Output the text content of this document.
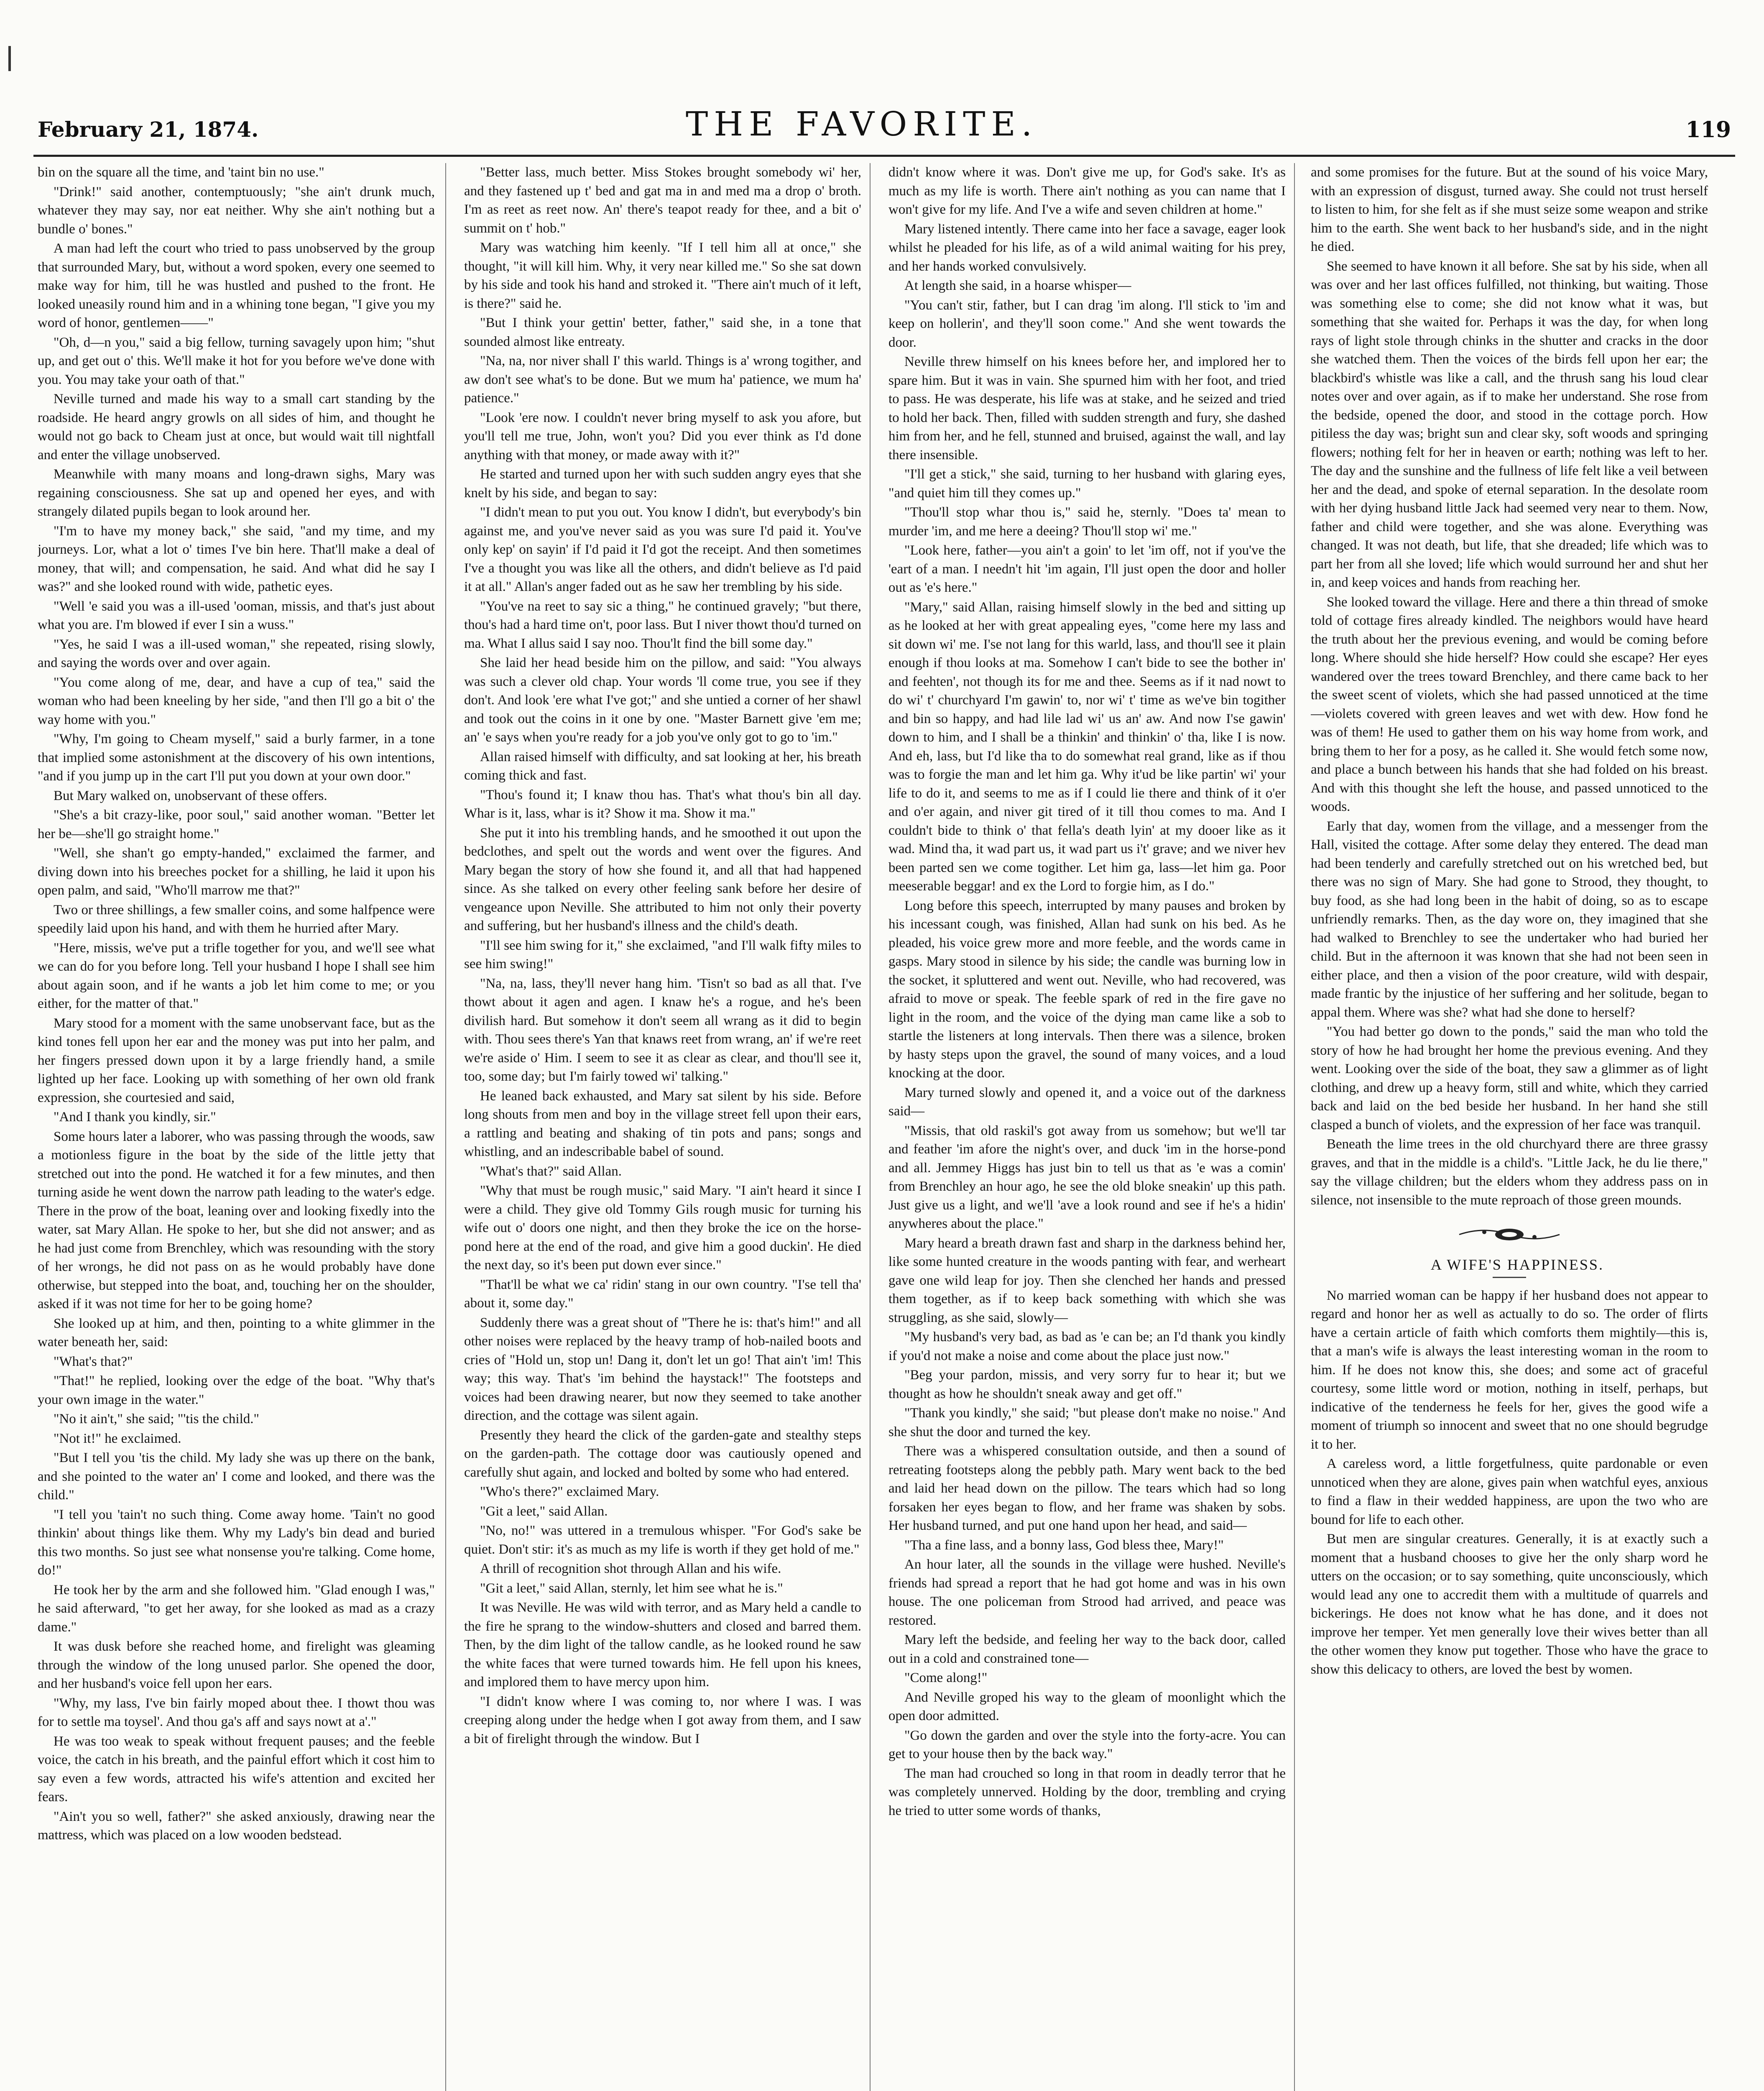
February 21, 1874.	THE FAVORITE.	119

bin on the square all the time, and 'taint bin no use."

"Drink!" said another, contemptuously; "she ain't drunk much, whatever they may say, nor eat neither. Why she ain't nothing but a bundle o' bones."

A man had left the court who tried to pass unobserved by the group that surrounded Mary, but, without a word spoken, every one seemed to make way for him, till he was hustled and pushed to the front. He looked uneasily round him and in a whining tone began, "I give you my word of honor, gentlemen——"

"Oh, d—n you," said a big fellow, turning savagely upon him; "shut up, and get out o' this. We'll make it hot for you before we've done with you. You may take your oath of that."

Neville turned and made his way to a small cart standing by the roadside. He heard angry growls on all sides of him, and thought he would not go back to Cheam just at once, but would wait till nightfall and enter the village unobserved.

Meanwhile with many moans and long-drawn sighs, Mary was regaining consciousness. She sat up and opened her eyes, and with strangely dilated pupils began to look around her.

"I'm to have my money back," she said, "and my time, and my journeys. Lor, what a lot o' times I've bin here. That'll make a deal of money, that will; and compensation, he said. And what did he say I was?" and she looked round with wide, pathetic eyes.

"Well 'e said you was a ill-used 'ooman, missis, and that's just about what you are. I'm blowed if ever I sin a wuss."

"Yes, he said I was a ill-used woman," she repeated, rising slowly, and saying the words over and over again.

"You come along of me, dear, and have a cup of tea," said the woman who had been kneeling by her side, "and then I'll go a bit o' the way home with you."

"Why, I'm going to Cheam myself," said a burly farmer, in a tone that implied some astonishment at the discovery of his own intentions, "and if you jump up in the cart I'll put you down at your own door."

But Mary walked on, unobservant of these offers.

"She's a bit crazy-like, poor soul," said another woman. "Better let her be—she'll go straight home."

"Well, she shan't go empty-handed," exclaimed the farmer, and diving down into his breeches pocket for a shilling, he laid it upon his open palm, and said, "Who'll marrow me that?"

Two or three shillings, a few smaller coins, and some halfpence were speedily laid upon his hand, and with them he hurried after Mary.

"Here, missis, we've put a trifle together for you, and we'll see what we can do for you before long. Tell your husband I hope I shall see him about again soon, and if he wants a job let him come to me; or you either, for the matter of that."

Mary stood for a moment with the same unobservant face, but as the kind tones fell upon her ear and the money was put into her palm, and her fingers pressed down upon it by a large friendly hand, a smile lighted up her face. Looking up with something of her own old frank expression, she courtesied and said,

"And I thank you kindly, sir."

Some hours later a laborer, who was passing through the woods, saw a motionless figure in the boat by the side of the little jetty that stretched out into the pond. He watched it for a few minutes, and then turning aside he went down the narrow path leading to the water's edge. There in the prow of the boat, leaning over and looking fixedly into the water, sat Mary Allan. He spoke to her, but she did not answer; and as he had just come from Brenchley, which was resounding with the story of her wrongs, he did not pass on as he would probably have done otherwise, but stepped into the boat, and, touching her on the shoulder, asked if it was not time for her to be going home?

She looked up at him, and then, pointing to a white glimmer in the water beneath her, said:

"What's that?"

"That!" he replied, looking over the edge of the boat. "Why that's your own image in the water."

"No it ain't," she said; "'tis the child."

"Not it!" he exclaimed.

"But I tell you 'tis the child. My lady she was up there on the bank, and she pointed to the water an' I come and looked, and there was the child."

"I tell you 'tain't no such thing. Come away home. 'Tain't no good thinkin' about things like them. Why my Lady's bin dead and buried this two months. So just see what nonsense you're talking. Come home, do!"

He took her by the arm and she followed him. "Glad enough I was," he said afterward, "to get her away, for she looked as mad as a crazy dame."

It was dusk before she reached home, and firelight was gleaming through the window of the long unused parlor. She opened the door, and her husband's voice fell upon her ears.

"Why, my lass, I've bin fairly moped about thee. I thowt thou was for to settle ma toysel'. And thou ga's aff and says nowt at a'."

He was too weak to speak without frequent pauses; and the feeble voice, the catch in his breath, and the painful effort which it cost him to say even a few words, attracted his wife's attention and excited her fears.

"Ain't you so well, father?" she asked anxiously, drawing near the mattress, which was placed on a low wooden bedstead.

"Better lass, much better. Miss Stokes brought somebody wi' her, and they fastened up t' bed and gat ma in and med ma a drop o' broth. I'm as reet as reet now. An' there's teapot ready for thee, and a bit o' summit on t' hob."

Mary was watching him keenly. "If I tell him all at once," she thought, "it will kill him. Why, it very near killed me." So she sat down by his side and took his hand and stroked it. "There ain't much of it left, is there?" said he.

"But I think your gettin' better, father," said she, in a tone that sounded almost like entreaty.

"Na, na, nor niver shall I' this warld. Things is a' wrong togither, and aw don't see what's to be done. But we mum ha' patience, we mum ha' patience."

"Look 'ere now. I couldn't never bring myself to ask you afore, but you'll tell me true, John, won't you? Did you ever think as I'd done anything with that money, or made away with it?"

He started and turned upon her with such sudden angry eyes that she knelt by his side, and began to say:

"I didn't mean to put you out. You know I didn't, but everybody's bin against me, and you've never said as you was sure I'd paid it. You've only kep' on sayin' if I'd paid it I'd got the receipt. And then sometimes I've a thought you was like all the others, and didn't believe as I'd paid it at all." Allan's anger faded out as he saw her trembling by his side.

"You've na reet to say sic a thing," he continued gravely; "but there, thou's had a hard time on't, poor lass. But I niver thowt thou'd turned on ma. What I allus said I say noo. Thou'lt find the bill some day."

She laid her head beside him on the pillow, and said: "You always was such a clever old chap. Your words 'll come true, you see if they don't. And look 'ere what I've got;" and she untied a corner of her shawl and took out the coins in it one by one. "Master Barnett give 'em me; an' 'e says when you're ready for a job you've only got to go to 'im."

Allan raised himself with difficulty, and sat looking at her, his breath coming thick and fast.

"Thou's found it; I knaw thou has. That's what thou's bin all day. Whar is it, lass, whar is it? Show it ma. Show it ma."

She put it into his trembling hands, and he smoothed it out upon the bedclothes, and spelt out the words and went over the figures. And Mary began the story of how she found it, and all that had happened since. As she talked on every other feeling sank before her desire of vengeance upon Neville. She attributed to him not only their poverty and suffering, but her husband's illness and the child's death.

"I'll see him swing for it," she exclaimed, "and I'll walk fifty miles to see him swing!"

"Na, na, lass, they'll never hang him. 'Tisn't so bad as all that. I've thowt about it agen and agen. I knaw he's a rogue, and he's been divilish hard. But somehow it don't seem all wrang as it did to begin with. Thou sees there's Yan that knaws reet from wrang, an' if we're reet we're aside o' Him. I seem to see it as clear as clear, and thou'll see it, too, some day; but I'm fairly towed wi' talking."

He leaned back exhausted, and Mary sat silent by his side. Before long shouts from men and boy in the village street fell upon their ears, a rattling and beating and shaking of tin pots and pans; songs and whistling, and an indescribable babel of sound.

"What's that?" said Allan.

"Why that must be rough music," said Mary. "I ain't heard it since I were a child. They give old Tommy Gils rough music for turning his wife out o' doors one night, and then they broke the ice on the horse-pond here at the end of the road, and give him a good duckin'. He died the next day, so it's been put down ever since."

"That'll be what we ca' ridin' stang in our own country. "I'se tell tha' about it, some day."

Suddenly there was a great shout of "There he is: that's him!" and all other noises were replaced by the heavy tramp of hob-nailed boots and cries of "Hold un, stop un! Dang it, don't let un go! That ain't 'im! This way; this way. That's 'im behind the haystack!" The footsteps and voices had been drawing nearer, but now they seemed to take another direction, and the cottage was silent again.

Presently they heard the click of the garden-gate and stealthy steps on the garden-path. The cottage door was cautiously opened and carefully shut again, and locked and bolted by some who had entered.

"Who's there?" exclaimed Mary.

"Git a leet," said Allan.

"No, no!" was uttered in a tremulous whisper. "For God's sake be quiet. Don't stir: it's as much as my life is worth if they get hold of me."

A thrill of recognition shot through Allan and his wife.

"Git a leet," said Allan, sternly, let him see what he is."

It was Neville. He was wild with terror, and as Mary held a candle to the fire he sprang to the window-shutters and closed and barred them. Then, by the dim light of the tallow candle, as he looked round he saw the white faces that were turned towards him. He fell upon his knees, and implored them to have mercy upon him.

"I didn't know where I was coming to, nor where I was. I was creeping along under the hedge when I got away from them, and I saw a bit of firelight through the window. But I

didn't know where it was. Don't give me up, for God's sake. It's as much as my life is worth. There ain't nothing as you can name that I won't give for my life. And I've a wife and seven children at home."

Mary listened intently. There came into her face a savage, eager look whilst he pleaded for his life, as of a wild animal waiting for his prey, and her hands worked convulsively.

At length she said, in a hoarse whisper—

"You can't stir, father, but I can drag 'im along. I'll stick to 'im and keep on hollerin', and they'll soon come." And she went towards the door.

Neville threw himself on his knees before her, and implored her to spare him. But it was in vain. She spurned him with her foot, and tried to pass. He was desperate, his life was at stake, and he seized and tried to hold her back. Then, filled with sudden strength and fury, she dashed him from her, and he fell, stunned and bruised, against the wall, and lay there insensible.

"I'll get a stick," she said, turning to her husband with glaring eyes, "and quiet him till they comes up."

"Thou'll stop whar thou is," said he, sternly. "Does ta' mean to murder 'im, and me here a deeing? Thou'll stop wi' me."

"Look here, father—you ain't a goin' to let 'im off, not if you've the 'eart of a man. I needn't hit 'im again, I'll just open the door and holler out as 'e's here."

"Mary," said Allan, raising himself slowly in the bed and sitting up as he looked at her with great appealing eyes, "come here my lass and sit down wi' me. I'se not lang for this warld, lass, and thou'll see it plain enough if thou looks at ma. Somehow I can't bide to see the bother in' and feehten', not though its for me and thee. Seems as if it nad nowt to do wi' t' churchyard I'm gawin' to, nor wi' t' time as we've bin togither and bin so happy, and had lile lad wi' us an' aw. And now I'se gawin' down to him, and I shall be a thinkin' and thinkin' o' tha, like I is now. And eh, lass, but I'd like tha to do somewhat real grand, like as if thou was to forgie the man and let him ga. Why it'ud be like partin' wi' your life to do it, and seems to me as if I could lie there and think of it o'er and o'er again, and niver git tired of it till thou comes to ma. And I couldn't bide to think o' that fella's death lyin' at my dooer like as it wad. Mind tha, it wad part us, it wad part us i't' grave; and we niver hev been parted sen we come togither. Let him ga, lass—let him ga. Poor meeserable beggar! and ex the Lord to forgie him, as I do."

Long before this speech, interrupted by many pauses and broken by his incessant cough, was finished, Allan had sunk on his bed. As he pleaded, his voice grew more and more feeble, and the words came in gasps. Mary stood in silence by his side; the candle was burning low in the socket, it spluttered and went out. Neville, who had recovered, was afraid to move or speak. The feeble spark of red in the fire gave no light in the room, and the voice of the dying man came like a sob to startle the listeners at long intervals. Then there was a silence, broken by hasty steps upon the gravel, the sound of many voices, and a loud knocking at the door.

Mary turned slowly and opened it, and a voice out of the darkness said—

"Missis, that old raskil's got away from us somehow; but we'll tar and feather 'im afore the night's over, and duck 'im in the horse-pond and all. Jemmey Higgs has just bin to tell us that as 'e was a comin' from Brenchley an hour ago, he see the old bloke sneakin' up this path. Just give us a light, and we'll 'ave a look round and see if he's a hidin' anywheres about the place."

Mary heard a breath drawn fast and sharp in the darkness behind her, like some hunted creature in the woods panting with fear, and werheart gave one wild leap for joy. Then she clenched her hands and pressed them together, as if to keep back something with which she was struggling, as she said, slowly—

"My husband's very bad, as bad as 'e can be; an I'd thank you kindly if you'd not make a noise and come about the place just now."

"Beg your pardon, missis, and very sorry fur to hear it; but we thought as how he shouldn't sneak away and get off."

"Thank you kindly," she said; "but please don't make no noise." And she shut the door and turned the key.

There was a whispered consultation outside, and then a sound of retreating footsteps along the pebbly path. Mary went back to the bed and laid her head down on the pillow. The tears which had so long forsaken her eyes began to flow, and her frame was shaken by sobs. Her husband turned, and put one hand upon her head, and said—

"Tha a fine lass, and a bonny lass, God bless thee, Mary!"

An hour later, all the sounds in the village were hushed. Neville's friends had spread a report that he had got home and was in his own house. The one policeman from Strood had arrived, and peace was restored.

Mary left the bedside, and feeling her way to the back door, called out in a cold and constrained tone—

"Come along!"

And Neville groped his way to the gleam of moonlight which the open door admitted.

"Go down the garden and over the style into the forty-acre. You can get to your house then by the back way."

The man had crouched so long in that room in deadly terror that he was completely unnerved. Holding by the door, trembling and crying he tried to utter some words of thanks,

and some promises for the future. But at the sound of his voice Mary, with an expression of disgust, turned away. She could not trust herself to listen to him, for she felt as if she must seize some weapon and strike him to the earth. She went back to her husband's side, and in the night he died.

She seemed to have known it all before. She sat by his side, when all was over and her last offices fulfilled, not thinking, but waiting. Those was something else to come; she did not know what it was, but something that she waited for. Perhaps it was the day, for when long rays of light stole through chinks in the shutter and cracks in the door she watched them. Then the voices of the birds fell upon her ear; the blackbird's whistle was like a call, and the thrush sang his loud clear notes over and over again, as if to make her understand. She rose from the bedside, opened the door, and stood in the cottage porch. How pitiless the day was; bright sun and clear sky, soft woods and springing flowers; nothing felt for her in heaven or earth; nothing was left to her. The day and the sunshine and the fullness of life felt like a veil between her and the dead, and spoke of eternal separation. In the desolate room with her dying husband little Jack had seemed very near to them. Now, father and child were together, and she was alone. Everything was changed. It was not death, but life, that she dreaded; life which was to part her from all she loved; life which would surround her and shut her in, and keep voices and hands from reaching her.

She looked toward the village. Here and there a thin thread of smoke told of cottage fires already kindled. The neighbors would have heard the truth about her the previous evening, and would be coming before long. Where should she hide herself? How could she escape? Her eyes wandered over the trees toward Brenchley, and there came back to her the sweet scent of violets, which she had passed unnoticed at the time—violets covered with green leaves and wet with dew. How fond he was of them! He used to gather them on his way home from work, and bring them to her for a posy, as he called it. She would fetch some now, and place a bunch between his hands that she had folded on his breast. And with this thought she left the house, and passed unnoticed to the woods.

Early that day, women from the village, and a messenger from the Hall, visited the cottage. After some delay they entered. The dead man had been tenderly and carefully stretched out on his wretched bed, but there was no sign of Mary. She had gone to Strood, they thought, to buy food, as she had long been in the habit of doing, so as to escape unfriendly remarks. Then, as the day wore on, they imagined that she had walked to Brenchley to see the undertaker who had buried her child. But in the afternoon it was known that she had not been seen in either place, and then a vision of the poor creature, wild with despair, made frantic by the injustice of her suffering and her solitude, began to appal them. Where was she? what had she done to herself?

"You had better go down to the ponds," said the man who told the story of how he had brought her home the previous evening. And they went. Looking over the side of the boat, they saw a glimmer as of light clothing, and drew up a heavy form, still and white, which they carried back and laid on the bed beside her husband. In her hand she still clasped a bunch of violets, and the expression of her face was tranquil.

Beneath the lime trees in the old churchyard there are three grassy graves, and that in the middle is a child's. "Little Jack, he du lie there," say the village children; but the elders whom they address pass on in silence, not insensible to the mute reproach of those green mounds.

A WIFE'S HAPPINESS.

No married woman can be happy if her husband does not appear to regard and honor her as well as actually to do so. The order of flirts have a certain article of faith which comforts them mightily—this is, that a man's wife is always the least interesting woman in the room to him. If he does not know this, she does; and some act of graceful courtesy, some little word or motion, nothing in itself, perhaps, but indicative of the tenderness he feels for her, gives the good wife a moment of triumph so innocent and sweet that no one should begrudge it to her.

A careless word, a little forgetfulness, quite pardonable or even unnoticed when they are alone, gives pain when watchful eyes, anxious to find a flaw in their wedded happiness, are upon the two who are bound for life to each other.

But men are singular creatures. Generally, it is at exactly such a moment that a husband chooses to give her the only sharp word he utters on the occasion; or to say something, quite unconsciously, which would lead any one to accredit them with a multitude of quarrels and bickerings. He does not know what he has done, and it does not improve her temper. Yet men generally love their wives better than all the other women they know put together. Those who have the grace to show this delicacy to others, are loved the best by women.
